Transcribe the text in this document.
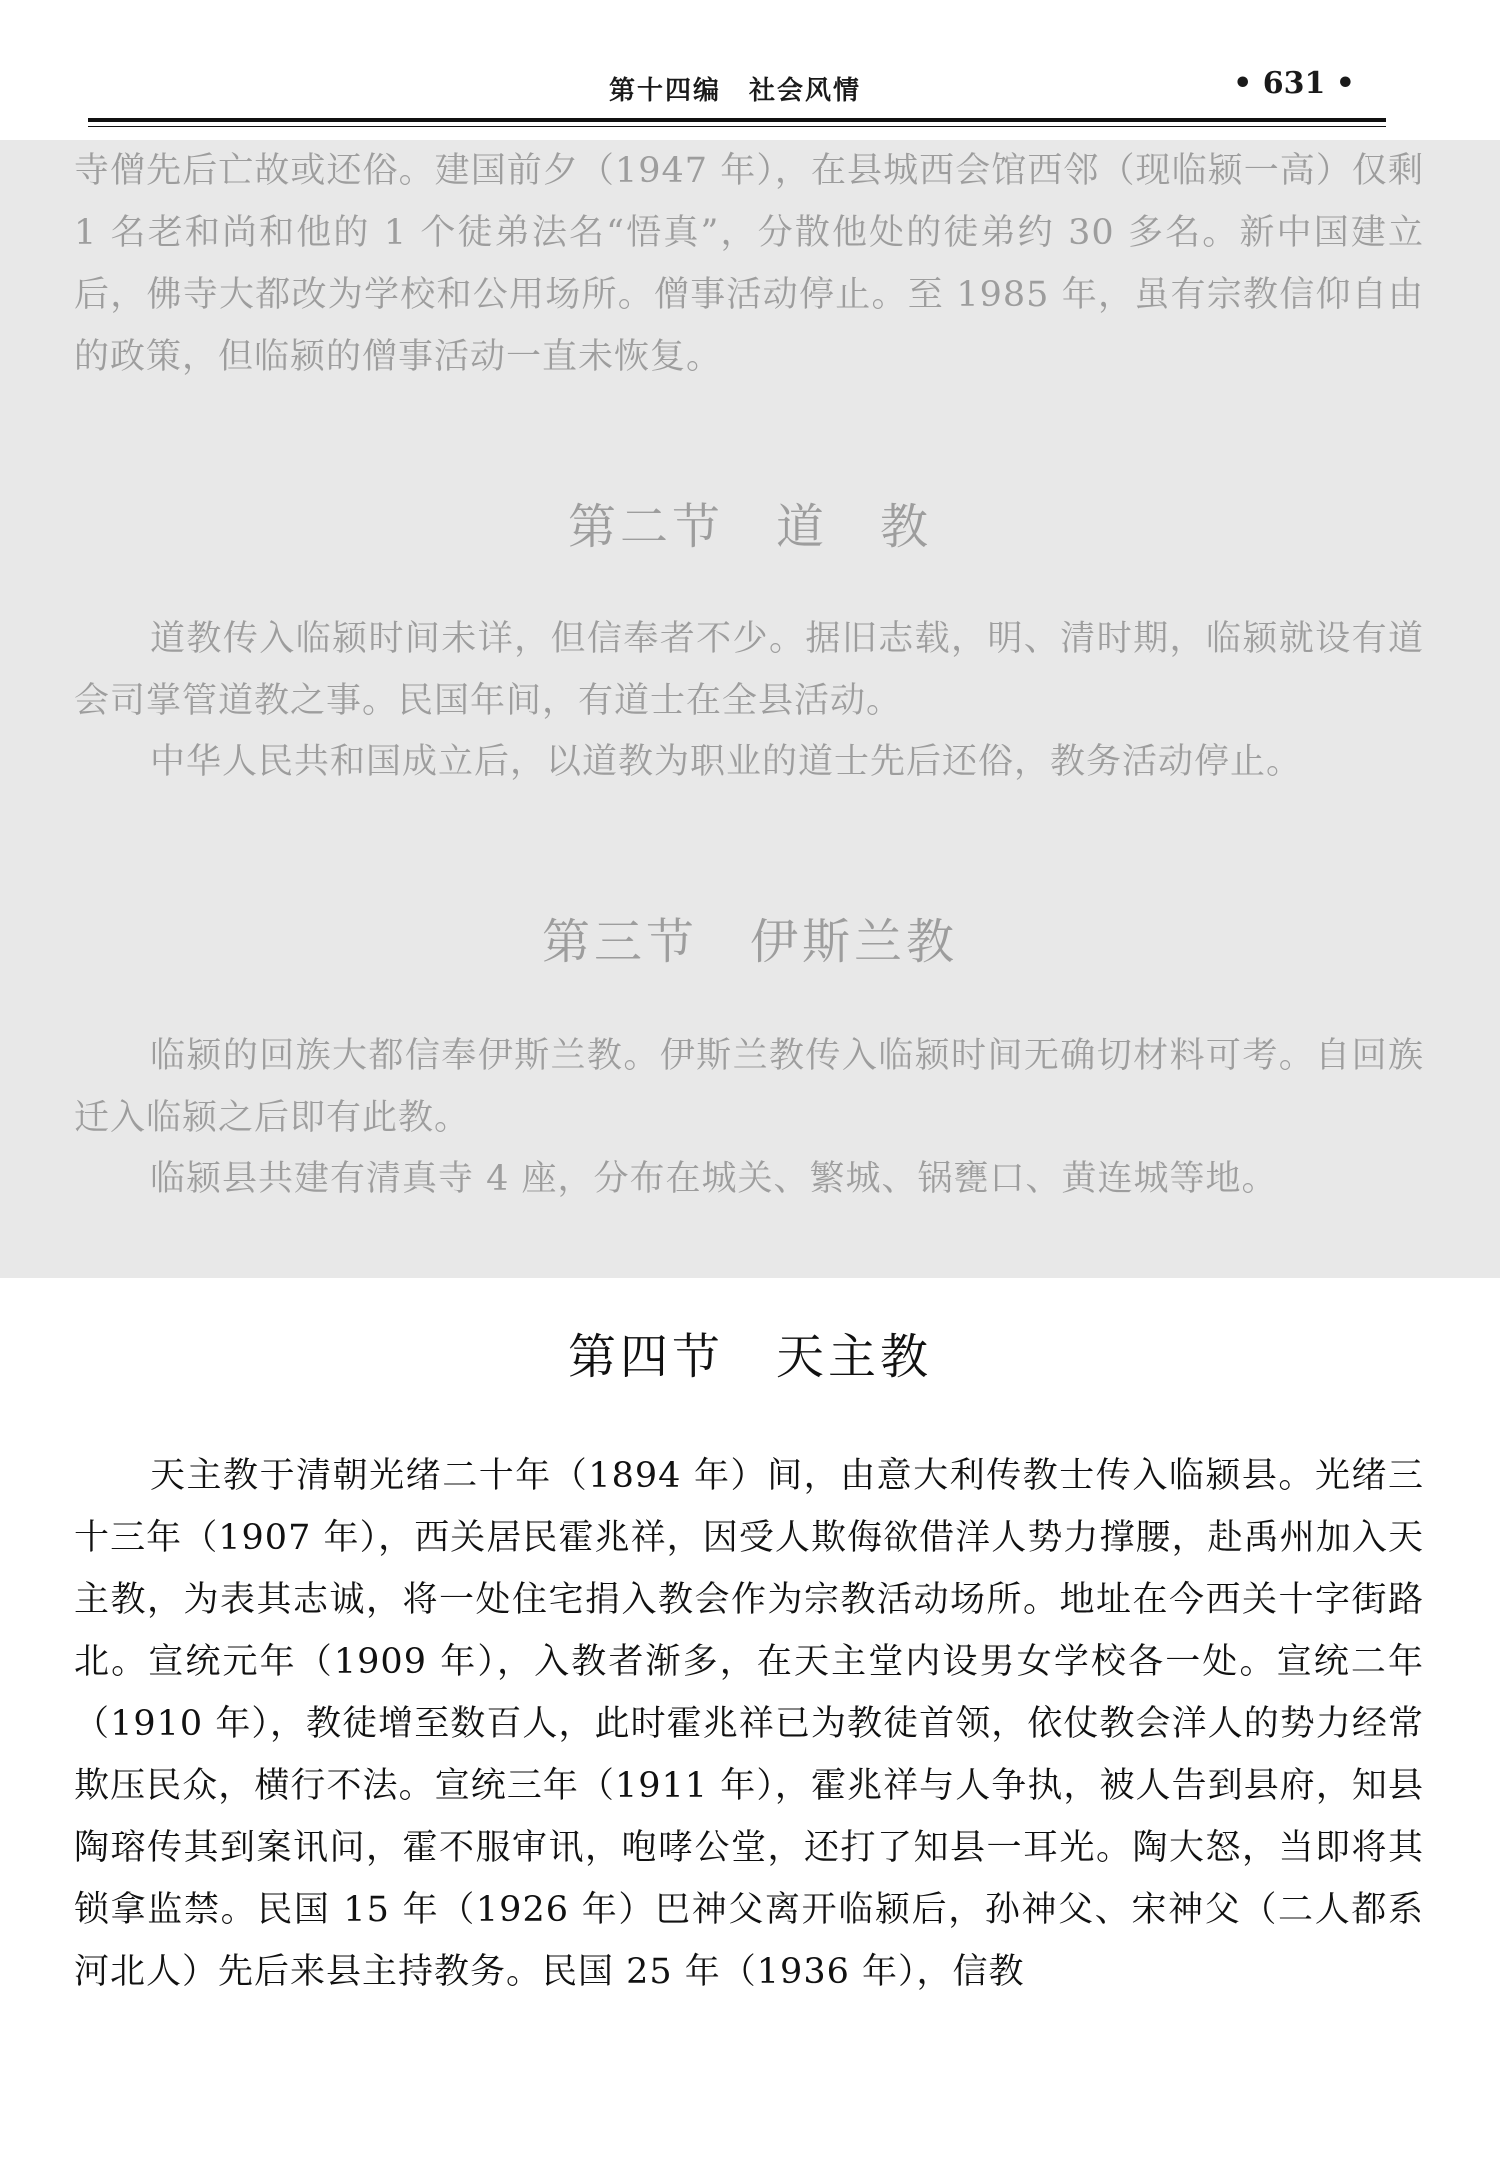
第十四编　社会风情	• 631 •
寺僧先后亡故或还俗。建国前夕（1947 年），在县城西会馆西邻（现临颍一高）仅剩 1 名老和尚和他的 1 个徒弟法名“悟真”，分散他处的徒弟约 30 多名。新中国建立后，佛寺大都改为学校和公用场所。僧事活动停止。至 1985 年，虽有宗教信仰自由的政策，但临颍的僧事活动一直未恢复。
第二节　道　教
道教传入临颍时间未详，但信奉者不少。据旧志载，明、清时期，临颍就设有道会司掌管道教之事。民国年间，有道士在全县活动。
中华人民共和国成立后，以道教为职业的道士先后还俗，教务活动停止。
第三节　伊斯兰教
临颍的回族大都信奉伊斯兰教。伊斯兰教传入临颍时间无确切材料可考。自回族迁入临颍之后即有此教。
临颍县共建有清真寺 4 座，分布在城关、繁城、锅甕口、黄连城等地。
第四节　天主教
天主教于清朝光绪二十年（1894 年）间，由意大利传教士传入临颍县。光绪三十三年（1907 年），西关居民霍兆祥，因受人欺侮欲借洋人势力撑腰，赴禹州加入天主教，为表其志诚，将一处住宅捐入教会作为宗教活动场所。地址在今西关十字街路北。宣统元年（1909 年），入教者渐多，在天主堂内设男女学校各一处。宣统二年（1910 年），教徒增至数百人，此时霍兆祥已为教徒首领，依仗教会洋人的势力经常欺压民众，横行不法。宣统三年（1911 年），霍兆祥与人争执，被人告到县府，知县陶瑢传其到案讯问，霍不服审讯，咆哮公堂，还打了知县一耳光。陶大怒，当即将其锁拿监禁。民国 15 年（1926 年）巴神父离开临颍后，孙神父、宋神父（二人都系河北人）先后来县主持教务。民国 25 年（1936 年），信教
